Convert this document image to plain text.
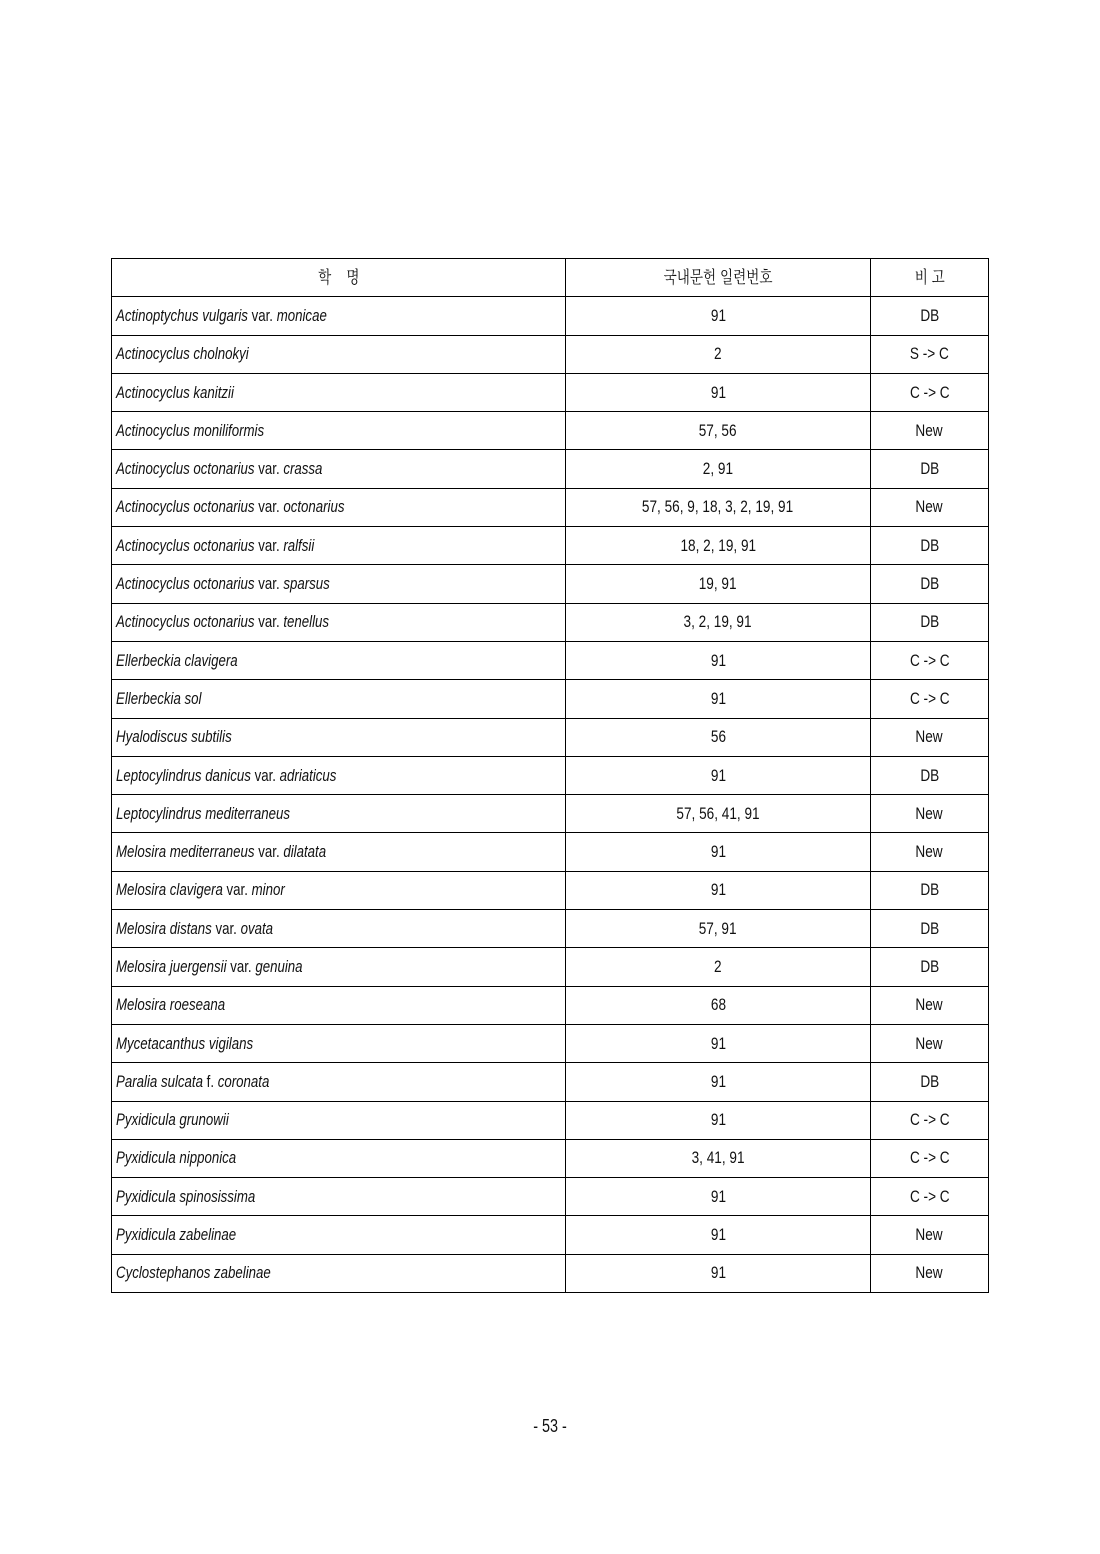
학    명	국내문헌 일련번호	비 고
Actinoptychus vulgaris var. monicae	91	DB
Actinocyclus cholnokyi	2	S -> C
Actinocyclus kanitzii	91	C -> C
Actinocyclus moniliformis	57, 56	New
Actinocyclus octonarius var. crassa	2, 91	DB
Actinocyclus octonarius var. octonarius	57, 56, 9, 18, 3, 2, 19, 91	New
Actinocyclus octonarius var. ralfsii	18, 2, 19, 91	DB
Actinocyclus octonarius var. sparsus	19, 91	DB
Actinocyclus octonarius var. tenellus	3, 2, 19, 91	DB
Ellerbeckia clavigera	91	C -> C
Ellerbeckia sol	91	C -> C
Hyalodiscus subtilis	56	New
Leptocylindrus danicus var. adriaticus	91	DB
Leptocylindrus mediterraneus	57, 56, 41, 91	New
Melosira mediterraneus var. dilatata	91	New
Melosira clavigera var. minor	91	DB
Melosira distans var. ovata	57, 91	DB
Melosira juergensii var. genuina	2	DB
Melosira roeseana	68	New
Mycetacanthus vigilans	91	New
Paralia sulcata f. coronata	91	DB
Pyxidicula grunowii	91	C -> C
Pyxidicula nipponica	3, 41, 91	C -> C
Pyxidicula spinosissima	91	C -> C
Pyxidicula zabelinae	91	New
Cyclostephanos zabelinae	91	New
- 53 -
